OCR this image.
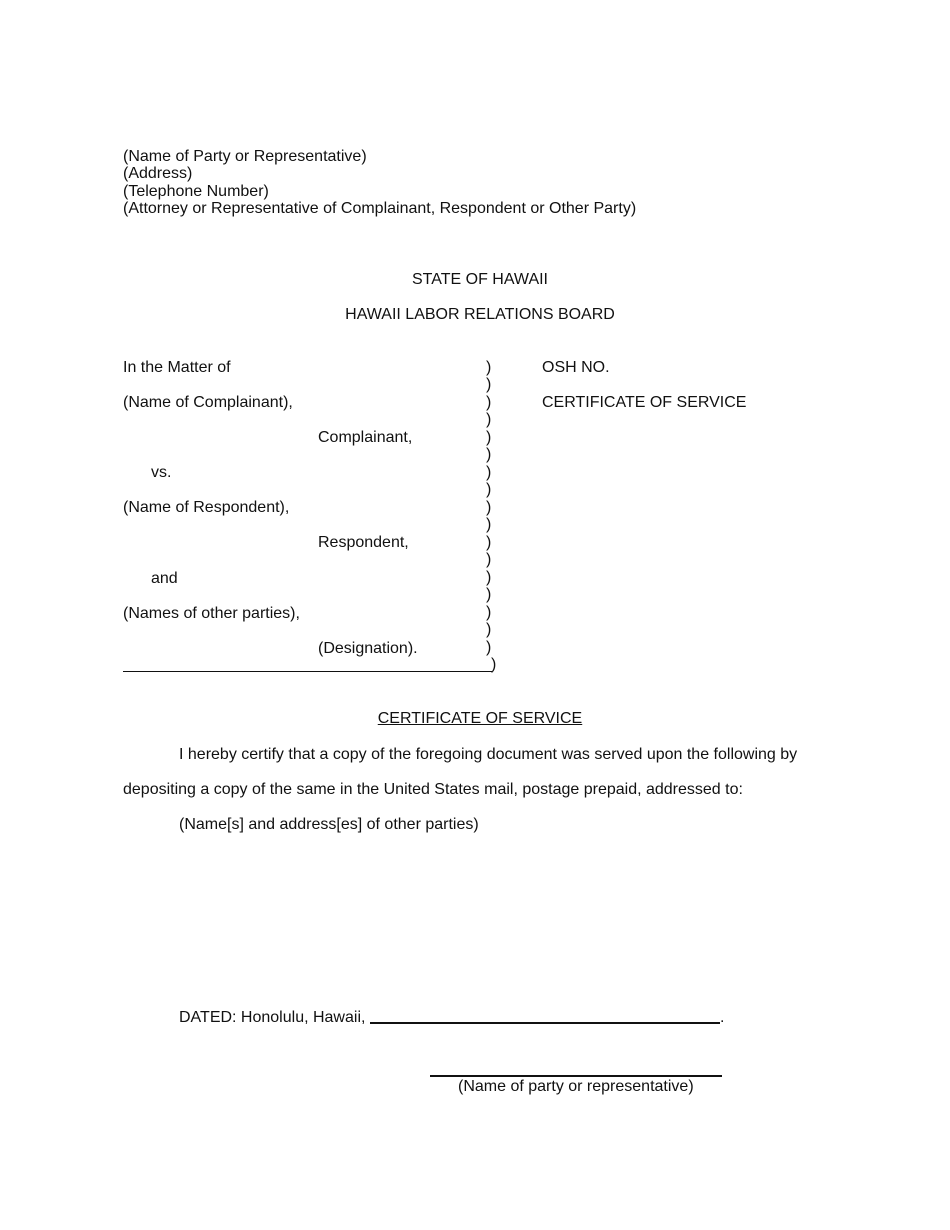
(Name of Party or Representative)
(Address)
(Telephone Number)
(Attorney or Representative of Complainant, Respondent or Other Party)
STATE OF HAWAII
HAWAII LABOR RELATIONS BOARD
In the Matter of
(Name of Complainant),
Complainant,
vs.
(Name of Respondent),
Respondent,
and
(Names of other parties),
(Designation).
)
)
)
)
)
)
)
)
)
)
)
)
)
)
)
)
)
)
OSH NO.
CERTIFICATE OF SERVICE
CERTIFICATE OF SERVICE
I hereby certify that a copy of the foregoing document was served upon the following by
depositing a copy of the same in the United States mail, postage prepaid, addressed to:
(Name[s] and address[es] of other parties)
DATED: Honolulu, Hawaii,	.
(Name of party or representative)
